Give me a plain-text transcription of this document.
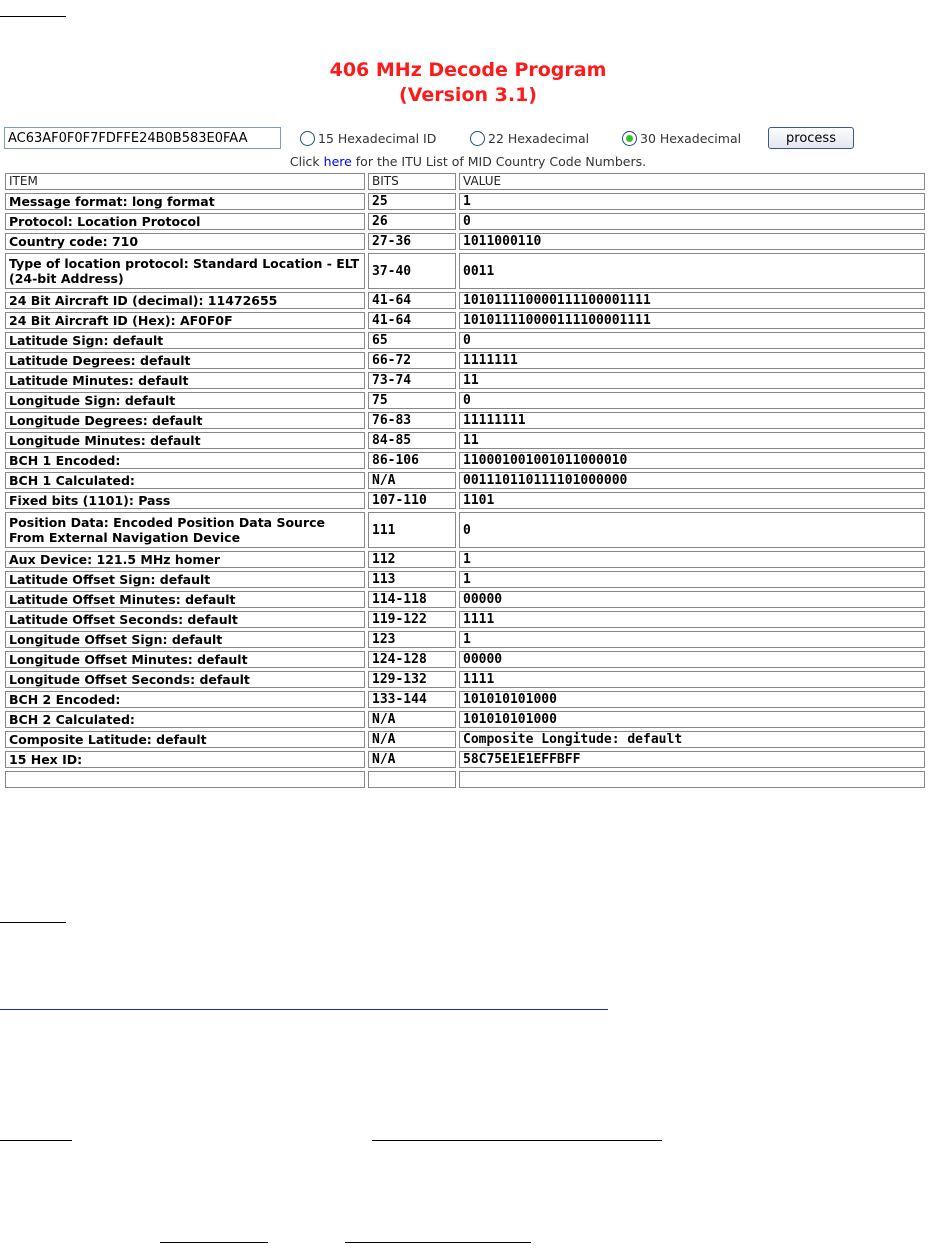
406 MHz Decode Program
(Version 3.1)
AC63AF0F0F7FDFFE24B0B583E0FAA
15 Hexadecimal ID	22 Hexadecimal	30 Hexadecimal	process
Click here for the ITU List of MID Country Code Numbers.
ITEM	BITS	VALUE
Message format: long format	25	1
Protocol: Location Protocol	26	0
Country code: 710	27-36	1011000110
Type of location protocol: Standard Location - ELT (24-bit Address)	37-40	0011
24 Bit Aircraft ID (decimal): 11472655	41-64	101011110000111100001111
24 Bit Aircraft ID (Hex): AF0F0F	41-64	101011110000111100001111
Latitude Sign: default	65	0
Latitude Degrees: default	66-72	1111111
Latitude Minutes: default	73-74	11
Longitude Sign: default	75	0
Longitude Degrees: default	76-83	11111111
Longitude Minutes: default	84-85	11
BCH 1 Encoded:	86-106	110001001001011000010
BCH 1 Calculated:	N/A	001110110111101000000
Fixed bits (1101): Pass	107-110	1101
Position Data: Encoded Position Data Source From External Navigation Device	111	0
Aux Device: 121.5 MHz homer	112	1
Latitude Offset Sign: default	113	1
Latitude Offset Minutes: default	114-118	00000
Latitude Offset Seconds: default	119-122	1111
Longitude Offset Sign: default	123	1
Longitude Offset Minutes: default	124-128	00000
Longitude Offset Seconds: default	129-132	1111
BCH 2 Encoded:	133-144	101010101000
BCH 2 Calculated:	N/A	101010101000
Composite Latitude: default	N/A	Composite Longitude: default
15 Hex ID:	N/A	58C75E1E1EFFBFF
